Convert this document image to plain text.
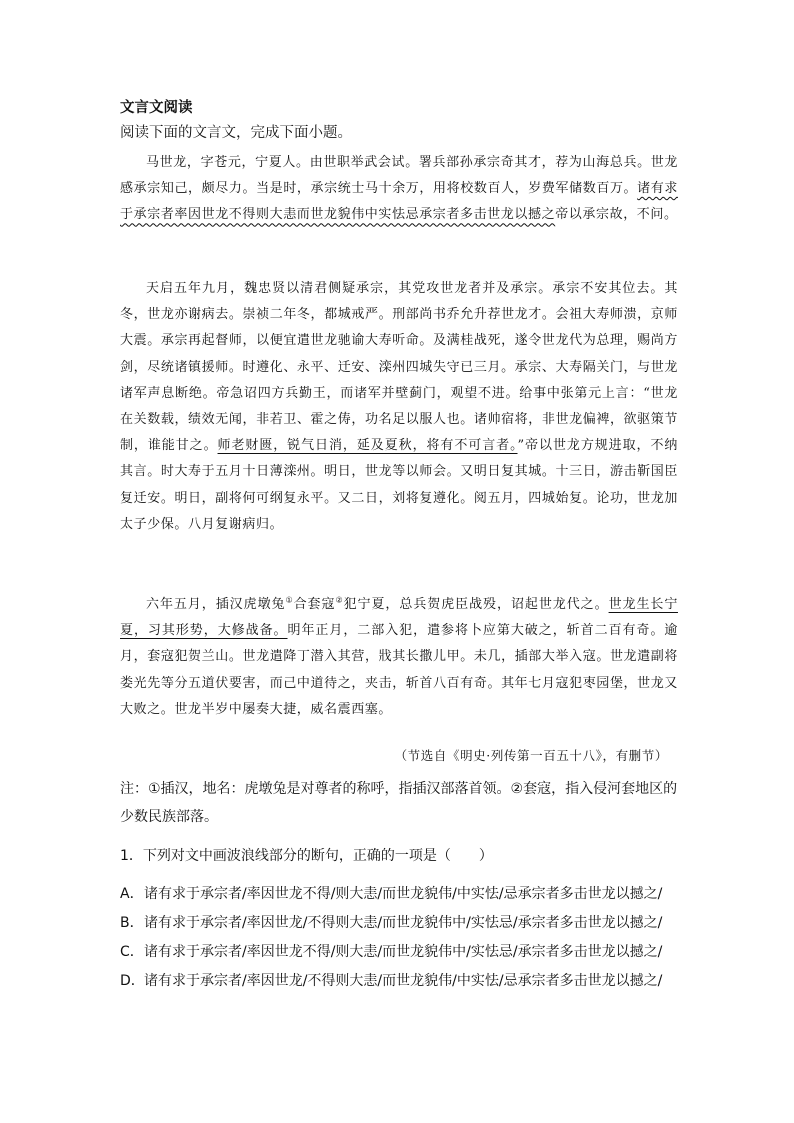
文言文阅读
阅读下面的文言文，完成下面小题。

马世龙，字苍元，宁夏人。由世职举武会试。署兵部孙承宗奇其才，荐为山海总兵。世龙感承宗知己，颇尽力。当是时，承宗统士马十余万，用将校数百人，岁费军储数百万。诸有求于承宗者率因世龙不得则大恚而世龙貌伟中实怯忌承宗者多击世龙以撼之帝以承宗故，不问。

天启五年九月，魏忠贤以清君侧疑承宗，其党攻世龙者并及承宗。承宗不安其位去。其冬，世龙亦谢病去。崇祯二年冬，都城戒严。刑部尚书乔允升荐世龙才。会祖大寿师溃，京师大震。承宗再起督师，以便宜遣世龙驰谕大寿听命。及满桂战死，遂令世龙代为总理，赐尚方剑，尽统诸镇援师。时遵化、永平、迁安、滦州四城失守已三月。承宗、大寿隔关门，与世龙诸军声息断绝。帝急诏四方兵勤王，而诸军并壁蓟门，观望不进。给事中张第元上言：“世龙在关数载，绩效无闻，非若卫、霍之俦，功名足以服人也。诸帅宿将，非世龙偏裨，欲驱策节制，谁能甘之。师老财匮，锐气日消，延及夏秋，将有不可言者。”帝以世龙方规进取，不纳其言。时大寿于五月十日薄滦州。明日，世龙等以师会。又明日复其城。十三日，游击靳国臣复迁安。明日，副将何可纲复永平。又二日，刘将复遵化。阅五月，四城始复。论功，世龙加太子少保。八月复谢病归。

六年五月，插汉虎墩兔①合套寇②犯宁夏，总兵贺虎臣战殁，诏起世龙代之。世龙生长宁夏，习其形势，大修战备。明年正月，二部入犯，遣参将卜应第大破之，斩首二百有奇。逾月，套寇犯贺兰山。世龙遣降丁潜入其营，戕其长撒儿甲。未几，插部大举入寇。世龙遣副将娄光先等分五道伏要害，而己中道待之，夹击，斩首八百有奇。其年七月寇犯枣园堡，世龙又大败之。世龙半岁中屡奏大捷，威名震西塞。

（节选自《明史·列传第一百五十八》，有删节）
注：①插汉，地名：虎墩兔是对尊者的称呼，指插汉部落首领。②套寇，指入侵河套地区的少数民族部落。
1．下列对文中画波浪线部分的断句，正确的一项是（　　）
A．诸有求于承宗者/率因世龙不得/则大恚/而世龙貌伟/中实怯/忌承宗者多击世龙以撼之/
B．诸有求于承宗者/率因世龙/不得则大恚/而世龙貌伟中/实怯忌/承宗者多击世龙以撼之/
C．诸有求于承宗者/率因世龙不得/则大恚/而世龙貌伟中/实怯忌/承宗者多击世龙以撼之/
D．诸有求于承宗者/率因世龙/不得则大恚/而世龙貌伟/中实怯/忌承宗者多击世龙以撼之/
